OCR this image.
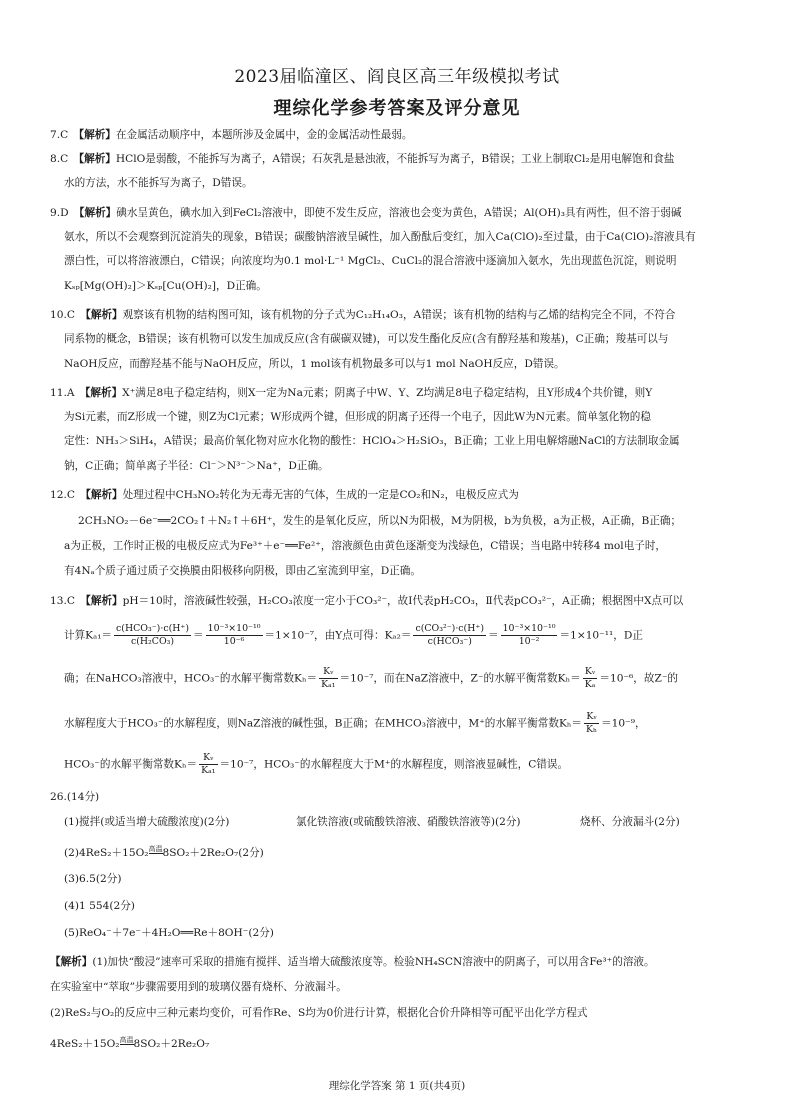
2023届临潼区、阎良区高三年级模拟考试
理综化学参考答案及评分意见
7.C  【解析】在金属活动顺序中，本题所涉及金属中，金的金属活动性最弱。
8.C  【解析】HClO是弱酸，不能拆写为离子，A错误；石灰乳是悬浊液，不能拆写为离子，B错误；工业上制取Cl₂是用电解饱和食盐
水的方法，水不能拆写为离子，D错误。
9.D  【解析】碘水呈黄色，碘水加入到FeCl₂溶液中，即使不发生反应，溶液也会变为黄色，A错误；Al(OH)₃具有两性，但不溶于弱碱
氨水，所以不会观察到沉淀消失的现象，B错误；碳酸钠溶液呈碱性，加入酚酞后变红，加入Ca(ClO)₂至过量，由于Ca(ClO)₂溶液具有
漂白性，可以将溶液漂白，C错误；向浓度均为0.1 mol·L⁻¹ MgCl₂、CuCl₂的混合溶液中逐滴加入氨水，先出现蓝色沉淀，则说明
Kₛₚ[Mg(OH)₂]＞Kₛₚ[Cu(OH)₂]，D正确。
10.C  【解析】观察该有机物的结构图可知，该有机物的分子式为C₁₂H₁₄O₃，A错误；该有机物的结构与乙烯的结构完全不同，不符合
同系物的概念，B错误；该有机物可以发生加成反应(含有碳碳双键)，可以发生酯化反应(含有醇羟基和羧基)，C正确；羧基可以与
NaOH反应，而醇羟基不能与NaOH反应，所以，1 mol该有机物最多可以与1 mol NaOH反应，D错误。
11.A  【解析】X⁺满足8电子稳定结构，则X一定为Na元素；阴离子中W、Y、Z均满足8电子稳定结构，且Y形成4个共价键，则Y
为Si元素，而Z形成一个键，则Z为Cl元素；W形成两个键，但形成的阴离子还得一个电子，因此W为N元素。简单氢化物的稳
定性：NH₃＞SiH₄，A错误；最高价氧化物对应水化物的酸性：HClO₄＞H₂SiO₃，B正确；工业上用电解熔融NaCl的方法制取金属
钠，C正确；简单离子半径：Cl⁻＞N³⁻＞Na⁺，D正确。
12.C  【解析】处理过程中CH₃NO₂转化为无毒无害的气体，生成的一定是CO₂和N₂，电极反应式为
2CH₃NO₂－6e⁻══2CO₂↑＋N₂↑＋6H⁺，发生的是氧化反应，所以N为阳极，M为阴极，b为负极，a为正极，A正确，B正确；
a为正极，工作时正极的电极反应式为Fe³⁺＋e⁻══Fe²⁺，溶液颜色由黄色逐渐变为浅绿色，C错误；当电路中转移4 mol电子时，
有4Nₐ个质子通过质子交换膜由阳极移向阴极，即由乙室流到甲室，D正确。
13.C  【解析】pH＝10时，溶液碱性较强，H₂CO₃浓度一定小于CO₃²⁻，故Ⅰ代表pH₂CO₃，Ⅱ代表pCO₃²⁻，A正确；根据图中X点可以
计算$K_{a1}= \frac{\text{c(HCO₃⁻)·c(H⁺)}}{\text{c(H₂CO₃)}} = \frac{\text{10⁻³×10⁻¹⁰}}{\text{10⁻⁶}} =1\times 10^{-7}$，由Y点可得：$K_{a2}= \frac{\text{c(CO₃²⁻)·c(H⁺)}}{\text{c(HCO₃⁻)}} = \frac{\text{10⁻³×10⁻¹⁰}}{\text{10⁻²}} =1\times 10^{-11}$，D正
确；在NaHCO₃溶液中，HCO₃⁻的水解平衡常数$K_h= \frac{\text{Kᵥ}}{\text{Kₐ₁}} =10^{-7}$，而在NaZ溶液中，Z⁻的水解平衡常数$K_h= \frac{\text{Kᵥ}}{\text{Kₐ}} =10^{-6}$，故Z⁻的
水解程度大于HCO₃⁻的水解程度，则NaZ溶液的碱性强，B正确；在MHCO₃溶液中，M⁺的水解平衡常数$K_h= \frac{\text{Kᵥ}}{\text{Kₕ}} =10^{-9}$，
HCO₃⁻的水解平衡常数$K_h= \frac{\text{Kᵥ}}{\text{Kₐ₁}} =10^{-7}$，HCO₃⁻的水解程度大于M⁺的水解程度，则溶液显碱性，C错误。
26.(14分)
(1)搅拌(或适当增大硫酸浓度)(2分)	氯化铁溶液(或硫酸铁溶液、硝酸铁溶液等)(2分)	烧杯、分液漏斗(2分)
(2)4ReS₂＋15O₂ 高温
8SO₂＋2Re₂O₇(2分)
(3)6.5(2分)
(4)1 554(2分)
(5)ReO₄⁻＋7e⁻＋4H₂O══Re＋8OH⁻(2分)
【解析】(1)加快“酸浸”速率可采取的措施有搅拌、适当增大硫酸浓度等。检验NH₄SCN溶液中的阴离子，可以用含Fe³⁺的溶液。
在实验室中“萃取”步骤需要用到的玻璃仪器有烧杯、分液漏斗。
(2)ReS₂与O₂的反应中三种元素均变价，可看作Re、S均为0价进行计算，根据化合价升降相等可配平出化学方程式
4ReS₂＋15O₂ 高温
8SO₂＋2Re₂O₇
理综化学答案 第 1 页(共4页)
